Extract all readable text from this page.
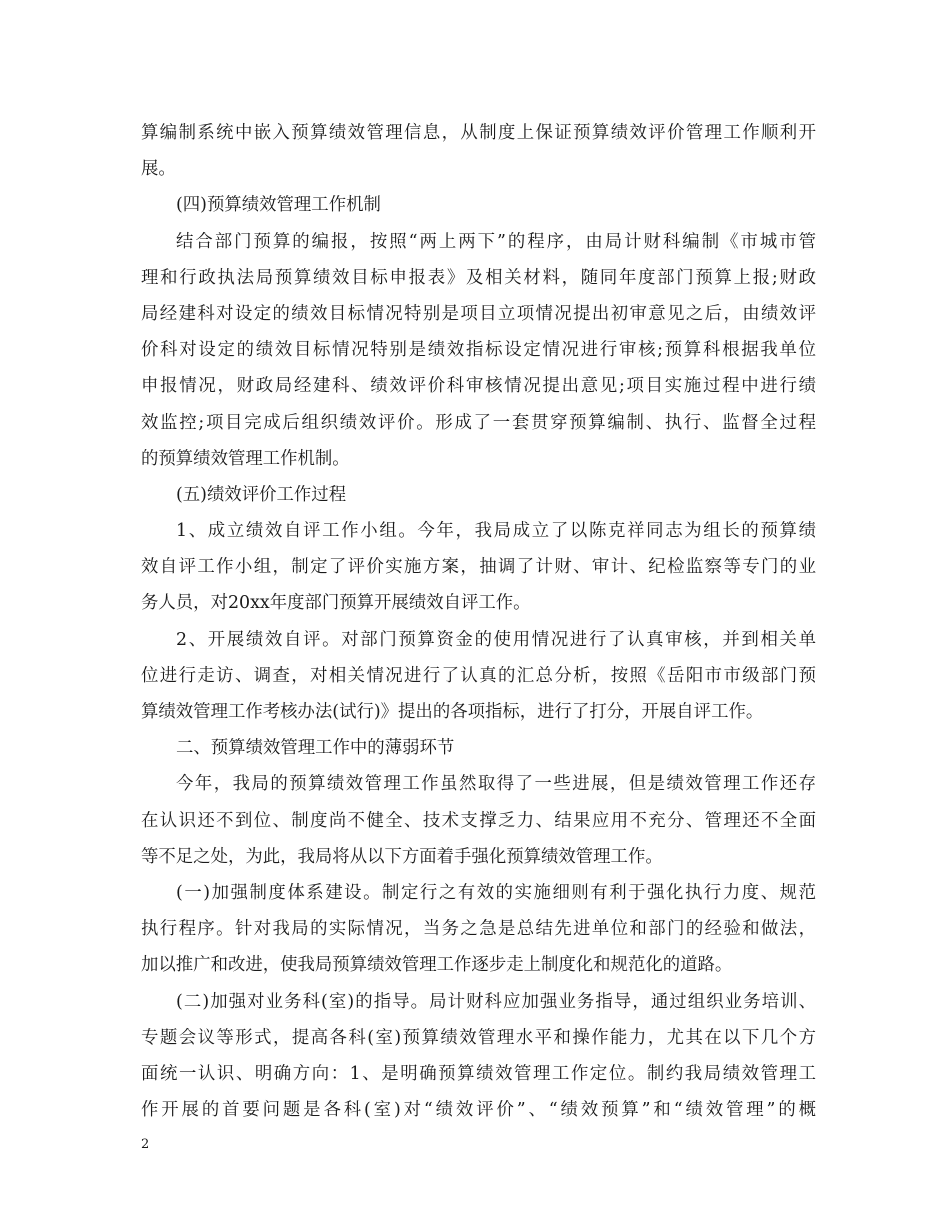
算编制系统中嵌入预算绩效管理信息，从制度上保证预算绩效评价管理工作顺利开
展。
(四)预算绩效管理工作机制
结合部门预算的编报，按照“两上两下”的程序，由局计财科编制《市城市管
理和行政执法局预算绩效目标申报表》及相关材料，随同年度部门预算上报;财政
局经建科对设定的绩效目标情况特别是项目立项情况提出初审意见之后，由绩效评
价科对设定的绩效目标情况特别是绩效指标设定情况进行审核;预算科根据我单位
申报情况，财政局经建科、绩效评价科审核情况提出意见;项目实施过程中进行绩
效监控;项目完成后组织绩效评价。形成了一套贯穿预算编制、执行、监督全过程
的预算绩效管理工作机制。
(五)绩效评价工作过程
1、成立绩效自评工作小组。今年，我局成立了以陈克祥同志为组长的预算绩
效自评工作小组，制定了评价实施方案，抽调了计财、审计、纪检监察等专门的业
务人员，对20xx年度部门预算开展绩效自评工作。
2、开展绩效自评。对部门预算资金的使用情况进行了认真审核，并到相关单
位进行走访、调查，对相关情况进行了认真的汇总分析，按照《岳阳市市级部门预
算绩效管理工作考核办法(试行)》提出的各项指标，进行了打分，开展自评工作。
二、预算绩效管理工作中的薄弱环节
今年，我局的预算绩效管理工作虽然取得了一些进展，但是绩效管理工作还存
在认识还不到位、制度尚不健全、技术支撑乏力、结果应用不充分、管理还不全面
等不足之处，为此，我局将从以下方面着手强化预算绩效管理工作。
(一)加强制度体系建设。制定行之有效的实施细则有利于强化执行力度、规范
执行程序。针对我局的实际情况，当务之急是总结先进单位和部门的经验和做法，
加以推广和改进，使我局预算绩效管理工作逐步走上制度化和规范化的道路。
(二)加强对业务科(室)的指导。局计财科应加强业务指导，通过组织业务培训、
专题会议等形式，提高各科(室)预算绩效管理水平和操作能力，尤其在以下几个方
面统一认识、明确方向：1、是明确预算绩效管理工作定位。制约我局绩效管理工
作开展的首要问题是各科(室)对“绩效评价”、“绩效预算”和“绩效管理”的概
2
